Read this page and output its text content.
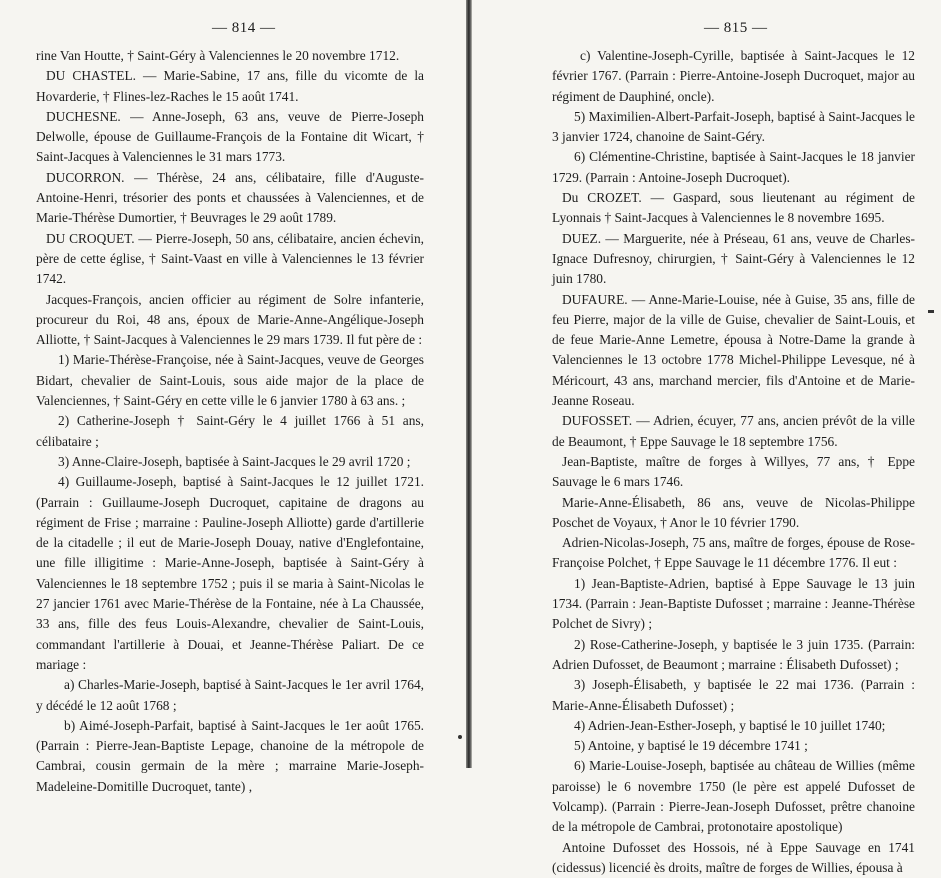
— 814 —

rine Van Houtte, † Saint-Géry à Valenciennes le 20 novembre 1712.

DU CHASTEL. — Marie-Sabine, 17 ans, fille du vicomte de la Hovarderie, † Flines-lez-Raches le 15 août 1741.

DUCHESNE. — Anne-Joseph, 63 ans, veuve de Pierre-Joseph Delwolle, épouse de Guillaume-François de la Fontaine dit Wicart, † Saint-Jacques à Valenciennes le 31 mars 1773.

DUCORRON. — Thérèse, 24 ans, célibataire, fille d'Auguste-Antoine-Henri, trésorier des ponts et chaussées à Valenciennes, et de Marie-Thérèse Dumortier, † Beuvrages le 29 août 1789.

DU CROQUET. — Pierre-Joseph, 50 ans, célibataire, ancien échevin, père de cette église, † Saint-Vaast en ville à Valenciennes le 13 février 1742.

Jacques-François, ancien officier au régiment de Solre infanterie, procureur du Roi, 48 ans, époux de Marie-Anne-Angélique-Joseph Alliotte, † Saint-Jacques à Valenciennes le 29 mars 1739. Il fut père de :

1) Marie-Thérèse-Françoise, née à Saint-Jacques, veuve de Georges Bidart, chevalier de Saint-Louis, sous aide major de la place de Valenciennes, † Saint-Géry en cette ville le 6 janvier 1780 à 63 ans. ;

2) Catherine-Joseph † Saint-Géry le 4 juillet 1766 à 51 ans, célibataire ;

3) Anne-Claire-Joseph, baptisée à Saint-Jacques le 29 avril 1720 ;

4) Guillaume-Joseph, baptisé à Saint-Jacques le 12 juillet 1721. (Parrain : Guillaume-Joseph Ducroquet, capitaine de dragons au régiment de Frise ; marraine : Pauline-Joseph Alliotte) garde d'artillerie de la citadelle ; il eut de Marie-Joseph Douay, native d'Englefontaine, une fille illigitime : Marie-Anne-Joseph, baptisée à Saint-Géry à Valenciennes le 18 septembre 1752 ; puis il se maria à Saint-Nicolas le 27 jancier 1761 avec Marie-Thérèse de la Fontaine, née à La Chaussée, 33 ans, fille des feus Louis-Alexandre, chevalier de Saint-Louis, commandant l'artillerie à Douai, et Jeanne-Thérèse Paliart. De ce mariage :

a) Charles-Marie-Joseph, baptisé à Saint-Jacques le 1er avril 1764, y décédé le 12 août 1768 ;

b) Aimé-Joseph-Parfait, baptisé à Saint-Jacques le 1er août 1765. (Parrain : Pierre-Jean-Baptiste Lepage, chanoine de la métropole de Cambrai, cousin germain de la mère ; marraine Marie-Joseph-Madeleine-Domitille Ducroquet, tante) ,

— 815 —

c) Valentine-Joseph-Cyrille, baptisée à Saint-Jacques le 12 février 1767. (Parrain : Pierre-Antoine-Joseph Ducroquet, major au régiment de Dauphiné, oncle).

5) Maximilien-Albert-Parfait-Joseph, baptisé à Saint-Jacques le 3 janvier 1724, chanoine de Saint-Géry.

6) Clémentine-Christine, baptisée à Saint-Jacques le 18 janvier 1729. (Parrain : Antoine-Joseph Ducroquet).

Du CROZET. — Gaspard, sous lieutenant au régiment de Lyonnais † Saint-Jacques à Valenciennes le 8 novembre 1695.

DUEZ. — Marguerite, née à Préseau, 61 ans, veuve de Charles-Ignace Dufresnoy, chirurgien, † Saint-Géry à Valenciennes le 12 juin 1780.

DUFAURE. — Anne-Marie-Louise, née à Guise, 35 ans, fille de feu Pierre, major de la ville de Guise, chevalier de Saint-Louis, et de feue Marie-Anne Lemetre, épousa à Notre-Dame la grande à Valenciennes le 13 octobre 1778 Michel-Philippe Levesque, né à Méricourt, 43 ans, marchand mercier, fils d'Antoine et de Marie-Jeanne Roseau.

DUFOSSET. — Adrien, écuyer, 77 ans, ancien prévôt de la ville de Beaumont, † Eppe Sauvage le 18 septembre 1756.

Jean-Baptiste, maître de forges à Willyes, 77 ans, † Eppe Sauvage le 6 mars 1746.

Marie-Anne-Élisabeth, 86 ans, veuve de Nicolas-Philippe Poschet de Voyaux, † Anor le 10 février 1790.

Adrien-Nicolas-Joseph, 75 ans, maître de forges, épouse de Rose-Françoise Polchet, † Eppe Sauvage le 11 décembre 1776. Il eut :

1) Jean-Baptiste-Adrien, baptisé à Eppe Sauvage le 13 juin 1734. (Parrain : Jean-Baptiste Dufosset ; marraine : Jeanne-Thérèse Polchet de Sivry) ;

2) Rose-Catherine-Joseph, y baptisée le 3 juin 1735. (Parrain: Adrien Dufosset, de Beaumont ; marraine : Élisabeth Dufosset) ;

3) Joseph-Élisabeth, y baptisée le 22 mai 1736. (Parrain : Marie-Anne-Élisabeth Dufosset) ;

4) Adrien-Jean-Esther-Joseph, y baptisé le 10 juillet 1740;

5) Antoine, y baptisé le 19 décembre 1741 ;

6) Marie-Louise-Joseph, baptisée au château de Willies (même paroisse) le 6 novembre 1750 (le père est appelé Dufosset de Volcamp). (Parrain : Pierre-Jean-Joseph Dufosset, prêtre chanoine de la métropole de Cambrai, protonotaire apostolique)

Antoine Dufosset des Hossois, né à Eppe Sauvage en 1741 (cidessus) licencié ès droits, maître de forges de Willies, épousa à
